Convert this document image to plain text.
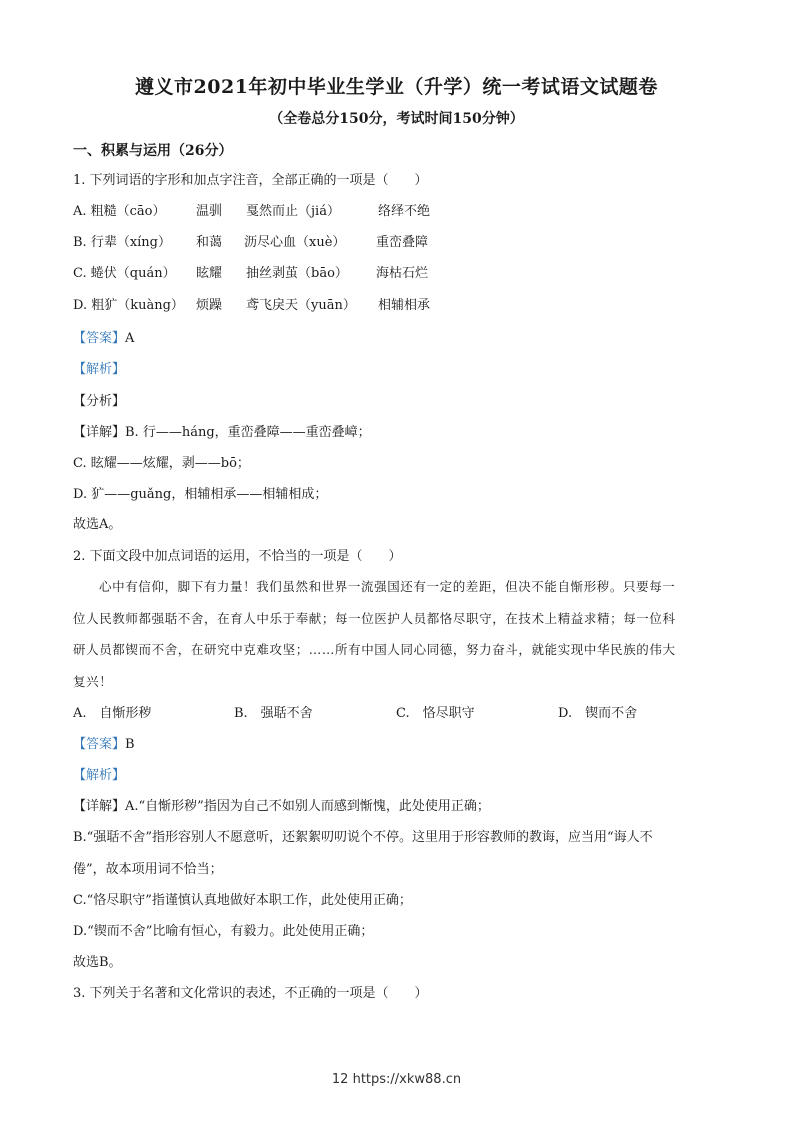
遵义市2021年初中毕业生学业（升学）统一考试语文试题卷
（全卷总分150分，考试时间150分钟）
一、积累与运用（26分）
1. 下列词语的字形和加点字注音，全部正确的一项是（　　）
A. 粗糙（cāo） 温驯 戛然而止（jiá）	络绎不绝
B. 行辈（xíng） 和蔼 沥尽心血（xuè） 重峦叠障
C. 蜷伏（quán） 眩耀 抽丝剥茧（bāo） 海枯石烂
D. 粗犷（kuàng） 烦躁 鸢飞戾天（yuān） 相辅相承
【答案】A
【解析】
【分析】
【详解】B. 行——háng，重峦叠障——重峦叠嶂；
C. 眩耀——炫耀，剥——bō；
D. 犷——guǎng，相辅相承——相辅相成；
故选A。
2. 下面文段中加点词语的运用，不恰当的一项是（　　）
心中有信仰，脚下有力量！我们虽然和世界一流强国还有一定的差距，但决不能自惭形秽。只要每一
位人民教师都强聒不舍，在育人中乐于奉献；每一位医护人员都恪尽职守，在技术上精益求精；每一位科
研人员都锲而不舍，在研究中克难攻坚；……所有中国人同心同德，努力奋斗，就能实现中华民族的伟大
复兴！
A.　自惭形秽	B.　强聒不舍	C.　恪尽职守	D.　锲而不舍
【答案】B
【解析】
【详解】A.“自惭形秽”指因为自己不如别人而感到惭愧，此处使用正确；
B.“强聒不舍”指形容别人不愿意听，还絮絮叨叨说个不停。这里用于形容教师的教诲，应当用“诲人不
倦”，故本项用词不恰当；
C.“恪尽职守”指谨慎认真地做好本职工作，此处使用正确；
D.“锲而不舍”比喻有恒心，有毅力。此处使用正确；
故选B。
3. 下列关于名著和文化常识的表述，不正确的一项是（　　）
12 https://xkw88.cn
